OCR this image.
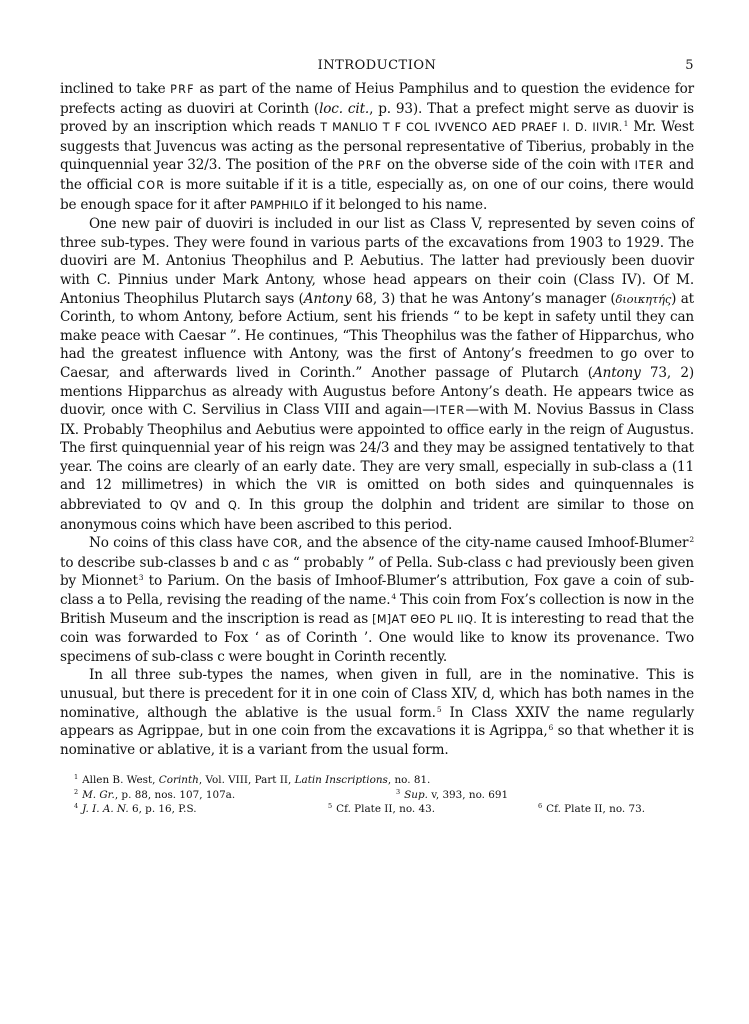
INTRODUCTION	5

inclined to take PRF as part of the name of Heius Pamphilus and to question the evidence for prefects acting as duoviri at Corinth (loc. cit., p. 93). That a prefect might serve as duovir is proved by an inscription which reads T MANLIO T F COL IVVENCO AED PRAEF I. D. IIVIR.$^1$ Mr. West suggests that Juvencus was acting as the personal representative of Tiberius, probably in the quinquennial year 32/3. The position of the PRF on the obverse side of the coin with ITER and the official COR is more suitable if it is a title, especially as, on one of our coins, there would be enough space for it after PAMPHILO if it belonged to his name.

One new pair of duoviri is included in our list as Class V, represented by seven coins of three sub-types. They were found in various parts of the excavations from 1903 to 1929. The duoviri are M. Antonius Theophilus and P. Aebutius. The latter had previously been duovir with C. Pinnius under Mark Antony, whose head appears on their coin (Class IV). Of M. Antonius Theophilus Plutarch says (Antony 68, 3) that he was Antony’s manager (διοικητής) at Corinth, to whom Antony, before Actium, sent his friends “ to be kept in safety until they can make peace with Caesar ”. He continues, “This Theophilus was the father of Hipparchus, who had the greatest influence with Antony, was the first of Antony’s freedmen to go over to Caesar, and afterwards lived in Corinth.” Another passage of Plutarch (Antony 73, 2) mentions Hipparchus as already with Augustus before Antony’s death. He appears twice as duovir, once with C. Servilius in Class VIII and again—ITER—with M. Novius Bassus in Class IX. Probably Theophilus and Aebutius were appointed to office early in the reign of Augustus. The first quinquennial year of his reign was 24/3 and they may be assigned tentatively to that year. The coins are clearly of an early date. They are very small, especially in sub-class a (11 and 12 millimetres) in which the VIR is omitted on both sides and quinquennales is abbreviated to QV and Q. In this group the dolphin and trident are similar to those on anonymous coins which have been ascribed to this period.

No coins of this class have COR, and the absence of the city-name caused Imhoof-Blumer$^2$ to describe sub-classes b and c as “ probably ” of Pella. Sub-class c had previously been given by Mionnet$^3$ to Parium. On the basis of Imhoof-Blumer’s attribution, Fox gave a coin of sub-class a to Pella, revising the reading of the name.$^4$ This coin from Fox’s collection is now in the British Museum and the inscription is read as [M]ΑΤ ΘΕΟ PL IIQ. It is interesting to read that the coin was forwarded to Fox ‘ as of Corinth ’. One would like to know its provenance. Two specimens of sub-class c were bought in Corinth recently.

In all three sub-types the names, when given in full, are in the nominative. This is unusual, but there is precedent for it in one coin of Class XIV, d, which has both names in the nominative, although the ablative is the usual form.$^5$ In Class XXIV the name regularly appears as Agrippae, but in one coin from the excavations it is Agrippa,$^6$ so that whether it is nominative or ablative, it is a variant from the usual form.

$^1$ Allen B. West, Corinth, Vol. VIII, Part II, Latin Inscriptions, no. 81.
$^2$ M. Gr., p. 88, nos. 107, 107a.	$^3$ Sup. v, 393, no. 691
$^4$ J. I. A. N. 6, p. 16, P.S.	$^5$ Cf. Plate II, no. 43.	$^6$ Cf. Plate II, no. 73.
